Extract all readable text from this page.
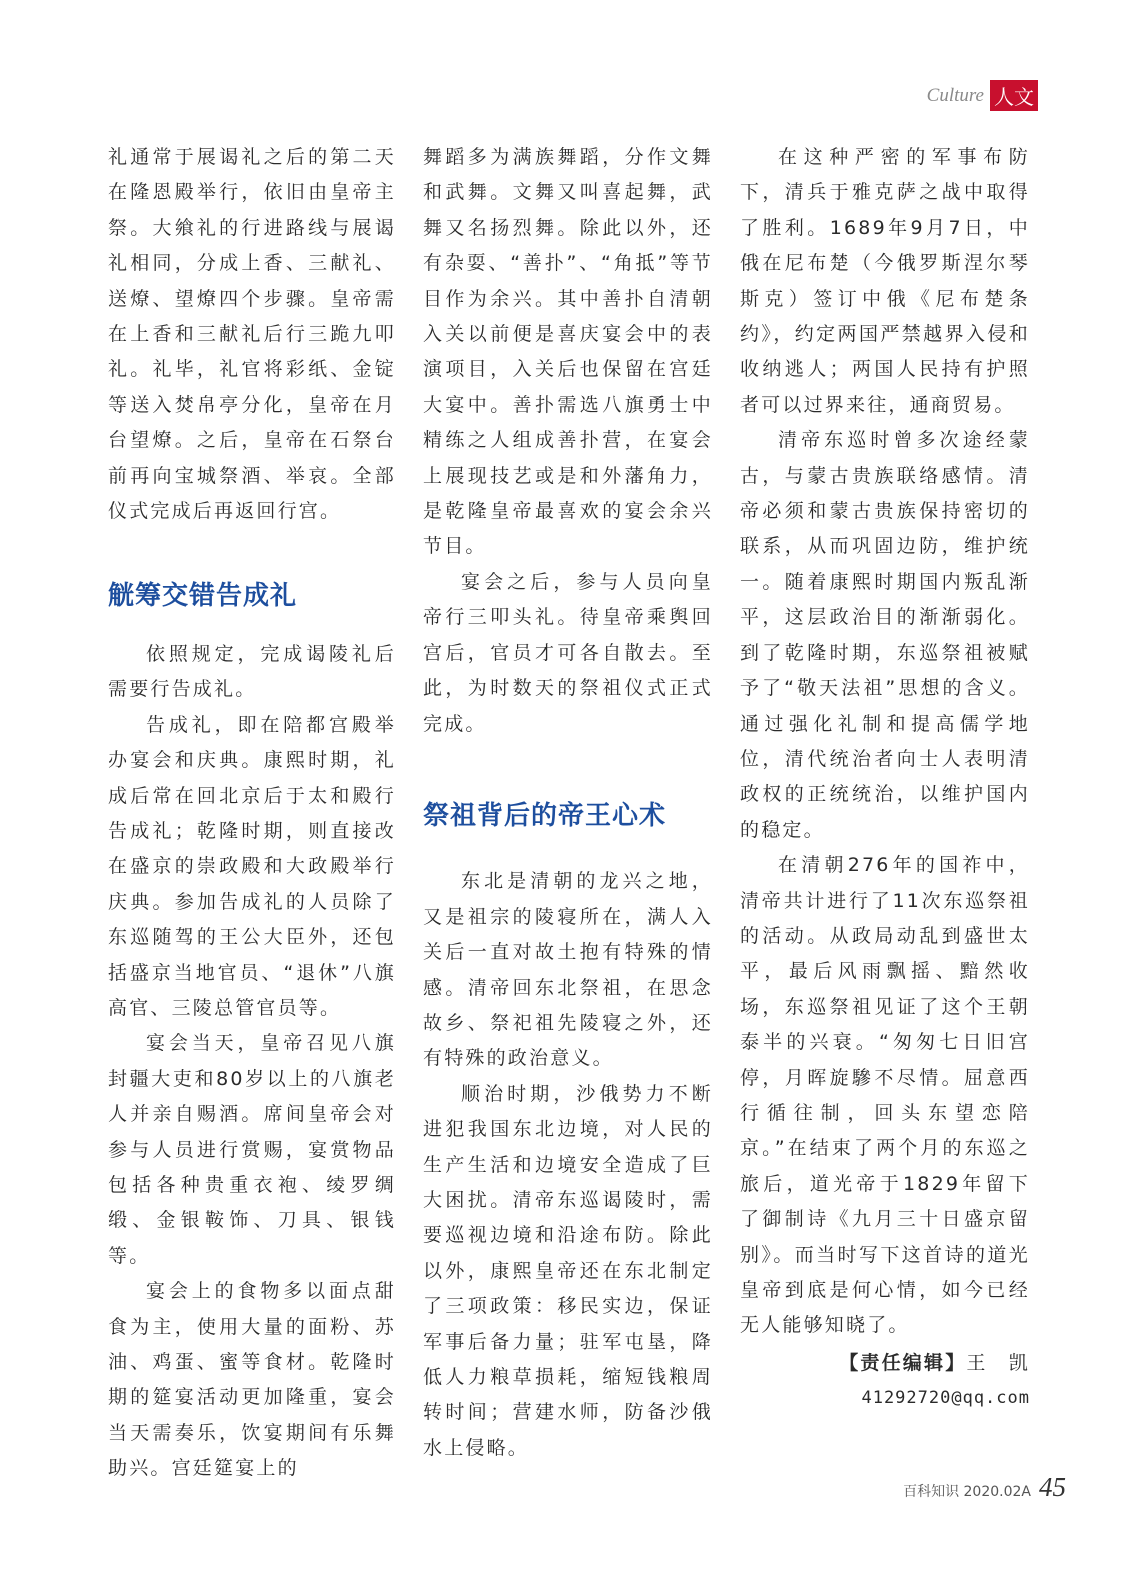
Culture 人文

礼通常于展谒礼之后的第二天在隆恩殿举行，依旧由皇帝主祭。大飨礼的行进路线与展谒礼相同，分成上香、三献礼、送燎、望燎四个步骤。皇帝需在上香和三献礼后行三跪九叩礼。礼毕，礼官将彩纸、金锭等送入焚帛亭分化，皇帝在月台望燎。之后，皇帝在石祭台前再向宝城祭酒、举哀。全部仪式完成后再返回行宫。

觥筹交错告成礼

依照规定，完成谒陵礼后需要行告成礼。

告成礼，即在陪都宫殿举办宴会和庆典。康熙时期，礼成后常在回北京后于太和殿行告成礼；乾隆时期，则直接改在盛京的崇政殿和大政殿举行庆典。参加告成礼的人员除了东巡随驾的王公大臣外，还包括盛京当地官员、“退休”八旗高官、三陵总管官员等。

宴会当天，皇帝召见八旗封疆大吏和80岁以上的八旗老人并亲自赐酒。席间皇帝会对参与人员进行赏赐，宴赏物品包括各种贵重衣袍、绫罗绸缎、金银鞍饰、刀具、银钱等。

宴会上的食物多以面点甜食为主，使用大量的面粉、苏油、鸡蛋、蜜等食材。乾隆时期的筵宴活动更加隆重，宴会当天需奏乐，饮宴期间有乐舞助兴。宫廷筵宴上的

舞蹈多为满族舞蹈，分作文舞和武舞。文舞又叫喜起舞，武舞又名扬烈舞。除此以外，还有杂耍、“善扑”、“角抵”等节目作为余兴。其中善扑自清朝入关以前便是喜庆宴会中的表演项目，入关后也保留在宫廷大宴中。善扑需选八旗勇士中精练之人组成善扑营，在宴会上展现技艺或是和外藩角力，是乾隆皇帝最喜欢的宴会余兴节目。

宴会之后，参与人员向皇帝行三叩头礼。待皇帝乘舆回宫后，官员才可各自散去。至此，为时数天的祭祖仪式正式完成。

祭祖背后的帝王心术

东北是清朝的龙兴之地，又是祖宗的陵寝所在，满人入关后一直对故土抱有特殊的情感。清帝回东北祭祖，在思念故乡、祭祀祖先陵寝之外，还有特殊的政治意义。

顺治时期，沙俄势力不断进犯我国东北边境，对人民的生产生活和边境安全造成了巨大困扰。清帝东巡谒陵时，需要巡视边境和沿途布防。除此以外，康熙皇帝还在东北制定了三项政策：移民实边，保证军事后备力量；驻军屯垦，降低人力粮草损耗，缩短钱粮周转时间；营建水师，防备沙俄水上侵略。

在这种严密的军事布防下，清兵于雅克萨之战中取得了胜利。1689年9月7日，中俄在尼布楚（今俄罗斯涅尔琴斯克）签订中俄《尼布楚条约》，约定两国严禁越界入侵和收纳逃人；两国人民持有护照者可以过界来往，通商贸易。

清帝东巡时曾多次途经蒙古，与蒙古贵族联络感情。清帝必须和蒙古贵族保持密切的联系，从而巩固边防，维护统一。随着康熙时期国内叛乱渐平，这层政治目的渐渐弱化。到了乾隆时期，东巡祭祖被赋予了“敬天法祖”思想的含义。通过强化礼制和提高儒学地位，清代统治者向士人表明清政权的正统统治，以维护国内的稳定。

在清朝276年的国祚中，清帝共计进行了11次东巡祭祖的活动。从政局动乱到盛世太平，最后风雨飘摇、黯然收场，东巡祭祖见证了这个王朝泰半的兴衰。“匆匆七日旧宫停，月晖旋驂不尽情。屈意西行循往制，回头东望恋陪京。”在结束了两个月的东巡之旅后，道光帝于1829年留下了御制诗《九月三十日盛京留别》。而当时写下这首诗的道光皇帝到底是何心情，如今已经无人能够知晓了。

【责任编辑】王　凯
41292720@qq.com
百科知识 2020.02A 45
